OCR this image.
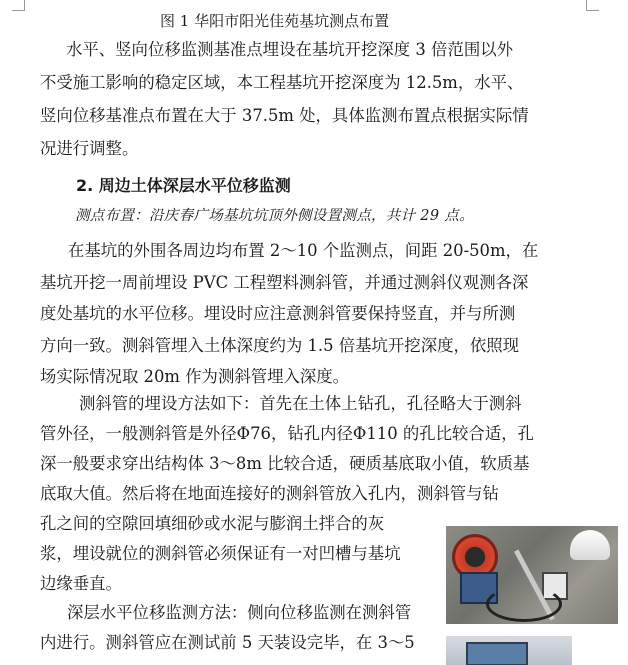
图 1 华阳市阳光佳苑基坑测点布置
水平、竖向位移监测基准点埋设在基坑开挖深度 3 倍范围以外
不受施工影响的稳定区域，本工程基坑开挖深度为 12.5m，水平、
竖向位移基准点布置在大于 37.5m 处，具体监测布置点根据实际情
况进行调整。
2. 周边土体深层水平位移监测
测点布置：沿庆春广场基坑坑顶外侧设置测点，共计 29 点。
在基坑的外围各周边均布置 2～10 个监测点，间距 20-50m，在
基坑开挖一周前埋设 PVC 工程塑料测斜管，并通过测斜仪观测各深
度处基坑的水平位移。埋设时应注意测斜管要保持竖直，并与所测
方向一致。测斜管埋入土体深度约为 1.5 倍基坑开挖深度，依照现
场实际情况取 20m 作为测斜管埋入深度。
测斜管的埋设方法如下：首先在土体上钻孔，孔径略大于测斜
管外径，一般测斜管是外径Φ76，钻孔内径Φ110 的孔比较合适，孔
深一般要求穿出结构体 3～8m 比较合适，硬质基底取小值，软质基
底取大值。然后将在地面连接好的测斜管放入孔内，测斜管与钻
孔之间的空隙回填细砂或水泥与膨润土拌合的灰
浆，埋设就位的测斜管必须保证有一对凹槽与基坑
边缘垂直。
深层水平位移监测方法：侧向位移监测在测斜管
内进行。测斜管应在测试前 5 天装设完毕，在 3～5
